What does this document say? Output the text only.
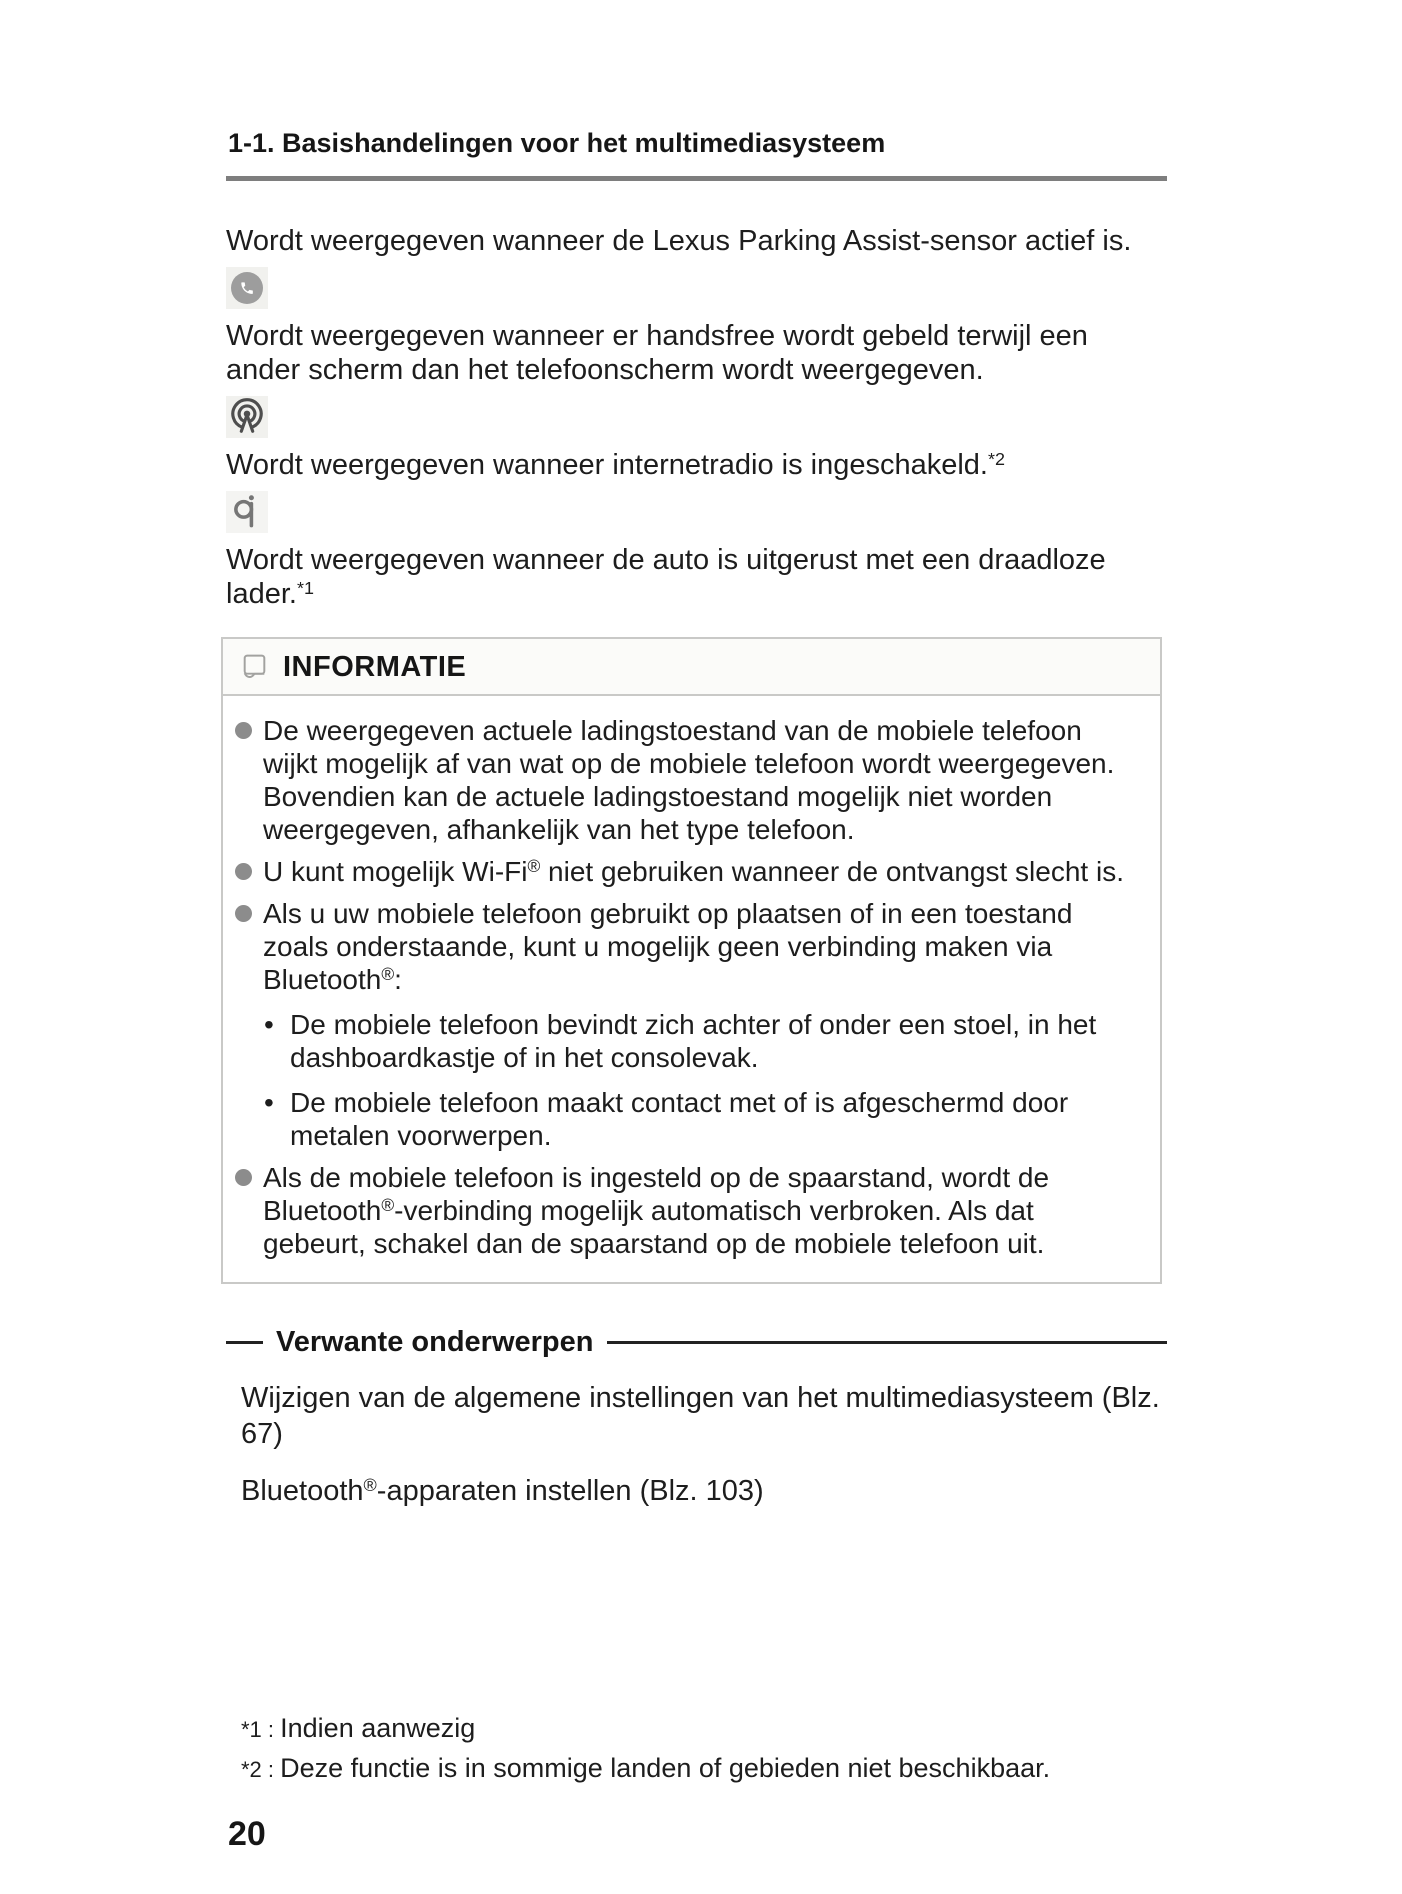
1-1. Basishandelingen voor het multimediasysteem

Wordt weergegeven wanneer de Lexus Parking Assist-sensor actief is.

Wordt weergegeven wanneer er handsfree wordt gebeld terwijl een ander scherm dan het telefoonscherm wordt weergegeven.

Wordt weergegeven wanneer internetradio is ingeschakeld.$^{*2}$

Wordt weergegeven wanneer de auto is uitgerust met een draadloze lader.$^{*1}$

INFORMATIE
De weergegeven actuele ladingstoestand van de mobiele telefoon wijkt mogelijk af van wat op de mobiele telefoon wordt weergegeven. Bovendien kan de actuele ladingstoestand mogelijk niet worden weergegeven, afhankelijk van het type telefoon.
U kunt mogelijk Wi-Fi® niet gebruiken wanneer de ontvangst slecht is.
Als u uw mobiele telefoon gebruikt op plaatsen of in een toestand zoals onderstaande, kunt u mogelijk geen verbinding maken via Bluetooth®:
• De mobiele telefoon bevindt zich achter of onder een stoel, in het dashboardkastje of in het consolevak.
• De mobiele telefoon maakt contact met of is afgeschermd door metalen voorwerpen.
Als de mobiele telefoon is ingesteld op de spaarstand, wordt de Bluetooth®-verbinding mogelijk automatisch verbroken. Als dat gebeurt, schakel dan de spaarstand op de mobiele telefoon uit.
Verwante onderwerpen

Wijzigen van de algemene instellingen van het multimediasysteem (Blz. 67)

Bluetooth®-apparaten instellen (Blz. 103)

*1 : Indien aanwezig
*2 : Deze functie is in sommige landen of gebieden niet beschikbaar.
20
